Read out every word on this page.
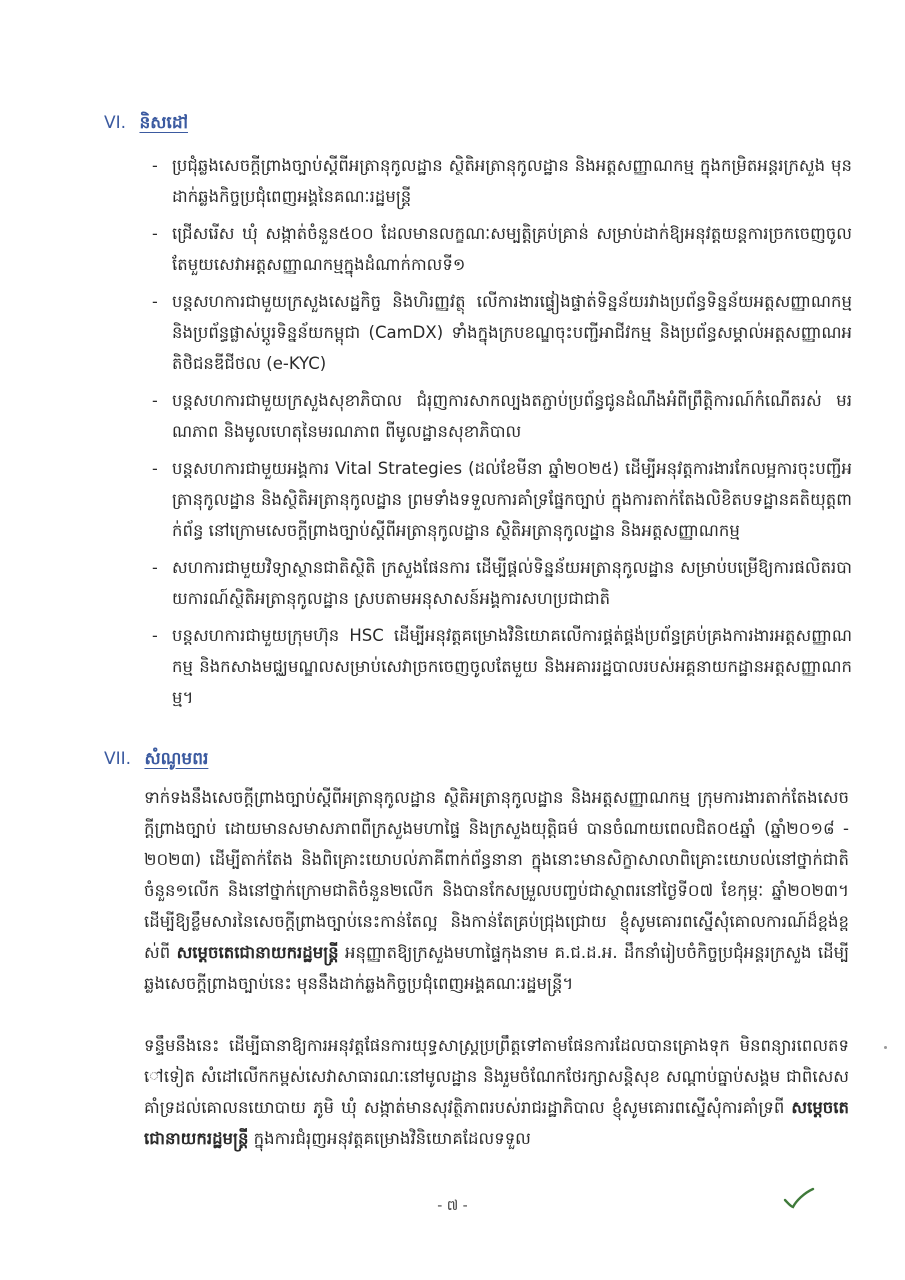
VI. និសដៅ
- ប្រជុំឆ្លងសេចក្តីព្រាងច្បាប់ស្តីពីអត្រានុកូលដ្ឋាន ស្ថិតិអត្រានុកូលដ្ឋាន និងអត្តសញ្ញាណកម្ម ក្នុងកម្រិតអន្តរក្រសួង មុនដាក់ឆ្លងកិច្ចប្រជុំពេញអង្គនៃគណៈរដ្ឋមន្ត្រី
- ជ្រើសរើស ឃុំ សង្កាត់ចំនួន៥០០ ដែលមានលក្ខណៈសម្បត្តិគ្រប់គ្រាន់ សម្រាប់ដាក់ឱ្យអនុវត្តយន្តការច្រកចេញចូលតែមួយសេវាអត្តសញ្ញាណកម្មក្នុងដំណាក់កាលទី១
- បន្តសហការជាមួយក្រសួងសេដ្ឋកិច្ច និងហិរញ្ញវត្ថុ លើការងារផ្ទៀងផ្ទាត់ទិន្នន័យរវាងប្រព័ន្ធទិន្នន័យអត្តសញ្ញាណកម្ម និងប្រព័ន្ធផ្លាស់ប្តូរទិន្នន័យកម្ពុជា (CamDX) ទាំងក្នុងក្របខណ្ឌចុះបញ្ជីអាជីវកម្ម និងប្រព័ន្ធសម្គាល់អត្តសញ្ញាណអតិថិជនឌីជីថល (e-KYC)
- បន្តសហការជាមួយក្រសួងសុខាភិបាល ជំរុញការសាកល្បងតភ្ជាប់ប្រព័ន្ធជូនដំណឹងអំពីព្រឹត្តិការណ៍កំណើតរស់ មរណភាព និងមូលហេតុនៃមរណភាព ពីមូលដ្ឋានសុខាភិបាល
- បន្តសហការជាមួយអង្គការ Vital Strategies (ដល់ខែមីនា ឆ្នាំ២០២៥) ដើម្បីអនុវត្តការងារកែលម្អការចុះបញ្ជីអត្រានុកូលដ្ឋាន និងស្ថិតិអត្រានុកូលដ្ឋាន ព្រមទាំងទទួលការគាំទ្រផ្នែកច្បាប់ ក្នុងការតាក់តែងលិខិតបទដ្ឋានគតិយុត្តពាក់ព័ន្ធ នៅក្រោមសេចក្តីព្រាងច្បាប់ស្តីពីអត្រានុកូលដ្ឋាន ស្ថិតិអត្រានុកូលដ្ឋាន និងអត្តសញ្ញាណកម្ម
- សហការជាមួយវិទ្យាស្ថានជាតិស្ថិតិ ក្រសួងផែនការ ដើម្បីផ្តល់ទិន្នន័យអត្រានុកូលដ្ឋាន សម្រាប់បម្រើឱ្យការផលិតរបាយការណ៍ស្ថិតិអត្រានុកូលដ្ឋាន ស្របតាមអនុសាសន៍អង្គការសហប្រជាជាតិ
- បន្តសហការជាមួយក្រុមហ៊ុន HSC ដើម្បីអនុវត្តគម្រោងវិនិយោគលើការផ្គត់ផ្គង់ប្រព័ន្ធគ្រប់គ្រងការងារអត្តសញ្ញាណកម្ម និងកសាងមជ្ឈមណ្ឌលសម្រាប់សេវាច្រកចេញចូលតែមួយ និងអគាររដ្ឋបាលរបស់អគ្គនាយកដ្ឋានអត្តសញ្ញាណកម្ម។
VII. សំណូមពរ

ទាក់ទងនឹងសេចក្តីព្រាងច្បាប់ស្តីពីអត្រានុកូលដ្ឋាន ស្ថិតិអត្រានុកូលដ្ឋាន និងអត្តសញ្ញាណកម្ម ក្រុមការងារតាក់តែងសេចក្តីព្រាងច្បាប់ ដោយមានសមាសភាពពីក្រសួងមហាផ្ទៃ និងក្រសួងយុត្តិធម៌ បានចំណាយពេលជិត០៥ឆ្នាំ (ឆ្នាំ២០១៨ - ២០២៣) ដើម្បីតាក់តែង និងពិគ្រោះយោបល់ភាគីពាក់ព័ន្ធនានា ក្នុងនោះមានសិក្ខាសាលាពិគ្រោះយោបល់នៅថ្នាក់ជាតិចំនួន១លើក និងនៅថ្នាក់ក្រោមជាតិចំនួន២លើក និងបានកែសម្រួលបញ្ចប់ជាស្ថាពរនៅថ្ងៃទី០៧ ខែកុម្ភៈ ឆ្នាំ២០២៣។ ដើម្បីឱ្យខ្លឹមសារនៃសេចក្តីព្រាងច្បាប់នេះកាន់តែល្អ និងកាន់តែគ្រប់ជ្រុងជ្រោយ ខ្ញុំសូមគោរពស្នើសុំគោលការណ៍ដ៏ខ្ពង់ខ្ពស់ពី សម្តេចតេជោនាយករដ្ឋមន្ត្រី អនុញ្ញាតឱ្យក្រសួងមហាផ្ទៃកុងនាម គ.ជ.ដ.អ. ដឹកនាំរៀបចំកិច្ចប្រជុំអន្តរក្រសួង ដើម្បីឆ្លងសេចក្តីព្រាងច្បាប់នេះ មុននឹងដាក់ឆ្លងកិច្ចប្រជុំពេញអង្គគណៈរដ្ឋមន្ត្រី។

ទន្ទឹមនឹងនេះ ដើម្បីធានាឱ្យការអនុវត្តផែនការយុទ្ធសាស្ត្រប្រព្រឹត្តទៅតាមផែនការដែលបានគ្រោងទុក មិនពន្យារពេលតទៅទៀត សំដៅលើកកម្ពស់សេវាសាធារណៈនៅមូលដ្ឋាន និងរួមចំណែកថែរក្សាសន្តិសុខ សណ្តាប់ធ្នាប់សង្គម ជាពិសេសគាំទ្រដល់គោលនយោបាយ ភូមិ ឃុំ សង្កាត់មានសុវត្ថិភាពរបស់រាជរដ្ឋាភិបាល ខ្ញុំសូមគោរពស្នើសុំការគាំទ្រពី សម្តេចតេជោនាយករដ្ឋមន្ត្រី ក្នុងការជំរុញអនុវត្តគម្រោងវិនិយោគដែលទទួល

- ៧ -
